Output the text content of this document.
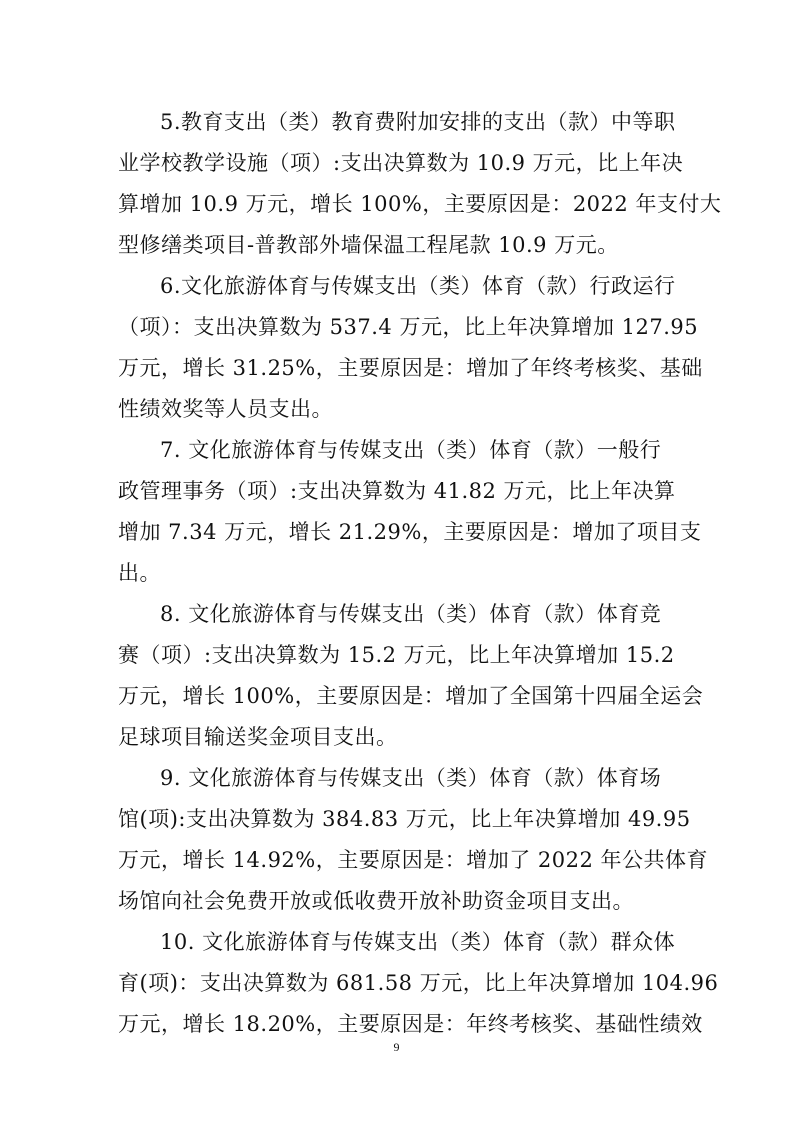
5.教育支出（类）教育费附加安排的支出（款）中等职
业学校教学设施（项）:支出决算数为 10.9 万元，比上年决
算增加 10.9 万元，增长 100%，主要原因是：2022 年支付大
型修缮类项目-普教部外墙保温工程尾款 10.9 万元。
6.文化旅游体育与传媒支出（类）体育（款）行政运行
（项）：支出决算数为 537.4 万元，比上年决算增加 127.95
万元，增长 31.25%，主要原因是：增加了年终考核奖、基础
性绩效奖等人员支出。
7. 文化旅游体育与传媒支出（类）体育（款）一般行
政管理事务（项）:支出决算数为 41.82 万元，比上年决算
增加 7.34 万元，增长 21.29%，主要原因是：增加了项目支
出。
8. 文化旅游体育与传媒支出（类）体育（款）体育竞
赛（项）:支出决算数为 15.2 万元，比上年决算增加 15.2
万元，增长 100%，主要原因是：增加了全国第十四届全运会
足球项目输送奖金项目支出。
9. 文化旅游体育与传媒支出（类）体育（款）体育场
馆(项):支出决算数为 384.83 万元，比上年决算增加 49.95
万元，增长 14.92%，主要原因是：增加了 2022 年公共体育
场馆向社会免费开放或低收费开放补助资金项目支出。
10. 文化旅游体育与传媒支出（类）体育（款）群众体
育(项)：支出决算数为 681.58 万元，比上年决算增加 104.96
万元，增长 18.20%，主要原因是：年终考核奖、基础性绩效
9
